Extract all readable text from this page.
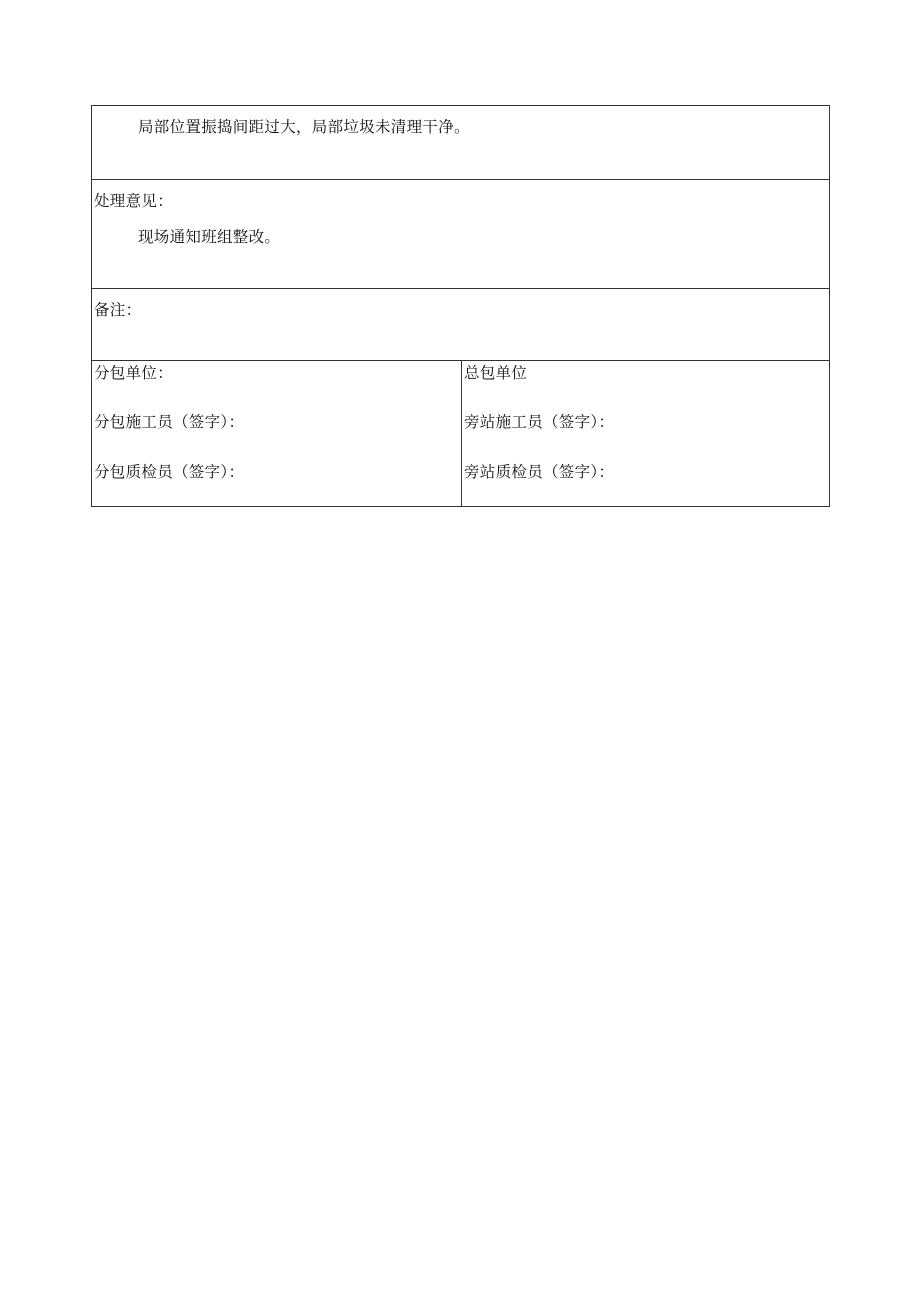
局部位置振捣间距过大，局部垃圾未清理干净。

处理意见：
现场通知班组整改。

备注：

分包单位：
分包施工员（签字）：
分包质检员（签字）：

总包单位
旁站施工员（签字）：
旁站质检员（签字）：
